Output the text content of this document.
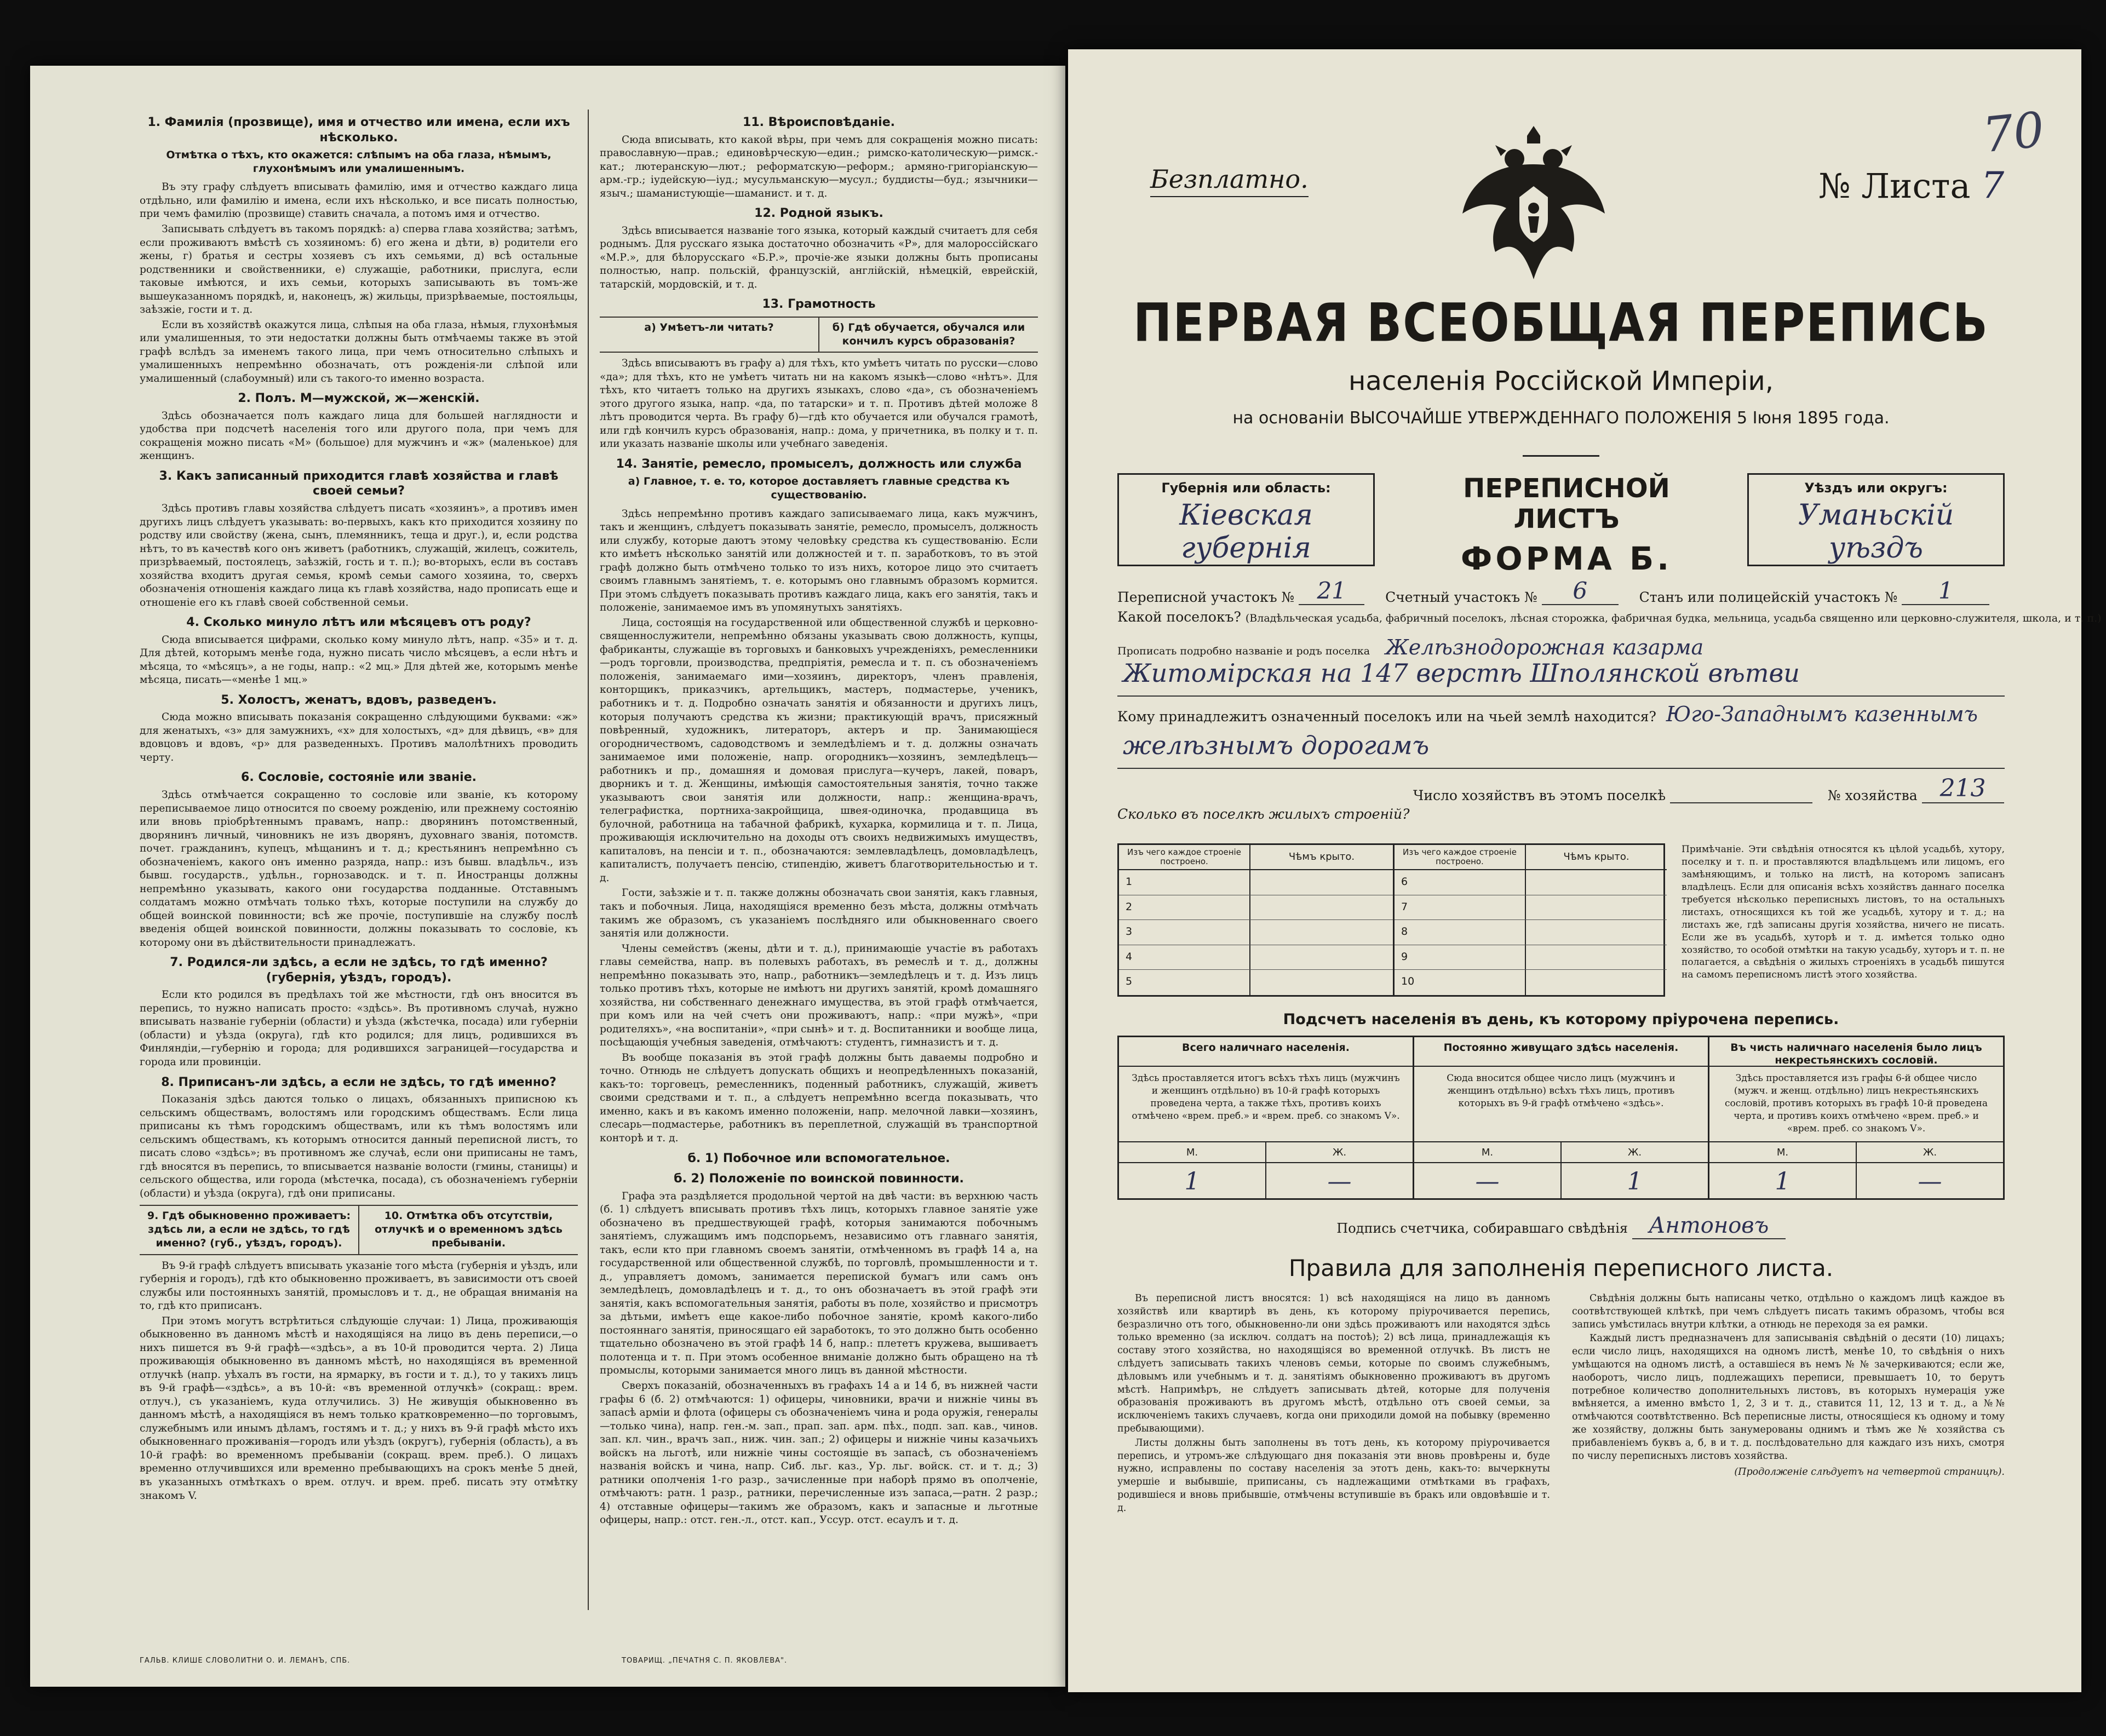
1. Фамилія (прозвище), имя и отчество или имена, если ихъ нѣсколько.
Отмѣтка о тѣхъ, кто окажется: слѣпымъ на оба глаза, нѣмымъ, глухонѣмымъ или умалишеннымъ.
Въ эту графу слѣдуетъ вписывать фамилію, имя и отчество каждаго лица отдѣльно, или фамилію и имена, если ихъ нѣсколько, и все писать полностью, при чемъ фамилію (прозвище) ставить сначала, а потомъ имя и отчество.
Записывать слѣдуетъ въ такомъ порядкѣ: а) сперва глава хозяйства; затѣмъ, если проживаютъ вмѣстѣ съ хозяиномъ: б) его жена и дѣти, в) родители его жены, г) братья и сестры хозяевъ съ ихъ семьями, д) всѣ остальные родственники и свойственники, е) служащіе, работники, прислуга, если таковые имѣются, и ихъ семьи, которыхъ записывають въ томъ-же вышеуказанномъ порядкѣ, и, наконецъ, ж) жильцы, призрѣваемые, постояльцы, заѣзжіе, гости и т. д.
Если въ хозяйствѣ окажутся лица, слѣпыя на оба глаза, нѣмыя, глухонѣмыя или умалишенныя, то эти недостатки должны быть отмѣчаемы также въ этой графѣ вслѣдъ за именемъ такого лица, при чемъ относительно слѣпыхъ и умалишенныхъ непремѣнно обозначать, отъ рожденія-ли слѣпой или умалишенный (слабоумный) или съ такого-то именно возраста.
2. Полъ. М—мужской, ж—женскій.
Здѣсь обозначается полъ каждаго лица для большей наглядности и удобства при подсчетѣ населенія того или другого пола, при чемъ для сокращенія можно писать «М» (большое) для мужчинъ и «ж» (маленькое) для женщинъ.
3. Какъ записанный приходится главѣ хозяйства и главѣ своей семьи?
Здѣсь противъ главы хозяйства слѣдуетъ писать «хозяинъ», а противъ имен другихъ лицъ слѣдуетъ указывать: во-первыхъ, какъ кто приходится хозяину по родству или свойству (жена, сынъ, племянникъ, теща и друг.), и, если родства нѣтъ, то въ качествѣ кого онъ живетъ (работникъ, служащій, жилецъ, сожитель, призрѣваемый, постоялецъ, заѣзжій, гость и т. п.); во-вторыхъ, если въ составъ хозяйства входитъ другая семья, кромѣ семьи самого хозяина, то, сверхъ обозначенія отношенія каждаго лица къ главѣ хозяйства, надо прописать еще и отношеніе его къ главѣ своей собственной семьи.
4. Сколько минуло лѣтъ или мѣсяцевъ отъ роду?
Сюда вписывается цифрами, сколько кому минуло лѣтъ, напр. «35» и т. д. Для дѣтей, которымъ менѣе года, нужно писать число мѣсяцевъ, а если нѣтъ и мѣсяца, то «мѣсяцъ», а не годы, напр.: «2 мц.» Для дѣтей же, которымъ менѣе мѣсяца, писать—«менѣе 1 мц.»
5. Холостъ, женатъ, вдовъ, разведенъ.
Сюда можно вписывать показанія сокращенно слѣдующими буквами: «ж» для женатыхъ, «з» для замужнихъ, «х» для холостыхъ, «д» для дѣвицъ, «в» для вдовцовъ и вдовъ, «р» для разведенныхъ. Противъ малолѣтнихъ проводить черту.
6. Сословіе, состояніе или званіе.
Здѣсь отмѣчается сокращенно то сословіе или званіе, къ которому переписываемое лицо относится по своему рожденію, или прежнему состоянію или вновь пріобрѣтеннымъ правамъ, напр.: дворянинъ потомственный, дворянинъ личный, чиновникъ не изъ дворянъ, духовнаго званія, потомств. почет. гражданинъ, купецъ, мѣщанинъ и т. д.; крестьянинъ непремѣнно съ обозначеніемъ, какого онъ именно разряда, напр.: изъ бывш. владѣльч., изъ бывш. государств., удѣльн., горнозаводск. и т. п. Иностранцы должны непремѣнно указывать, какого они государства подданные. Отставнымъ солдатамъ можно отмѣчать только тѣхъ, которые поступили на службу до общей воинской повинности; всѣ же прочіе, поступившіе на службу послѣ введенія общей воинской повинности, должны показывать то сословіе, къ которому они въ дѣйствительности принадлежатъ.
7. Родился-ли здѣсь, а если не здѣсь, то гдѣ именно? (губернія, уѣздъ, городъ).
Если кто родился въ предѣлахъ той же мѣстности, гдѣ онъ вносится въ перепись, то нужно написать просто: «здѣсь». Въ противномъ случаѣ, нужно вписывать названіе губерніи (области) и уѣзда (жѣстечка, посада) или губерніи (области) и уѣзда (округа), гдѣ кто родился; для лицъ, родившихся въ Финляндіи,—губернію и города; для родившихся заграницей—государства и города или провинціи.
8. Приписанъ-ли здѣсь, а если не здѣсь, то гдѣ именно?
Показанія здѣсь даются только о лицахъ, обязанныхъ приписною къ сельскимъ обществамъ, волостямъ или городскимъ обществамъ. Если лица приписаны къ тѣмъ городскимъ обществамъ, или къ тѣмъ волостямъ или сельскимъ обществамъ, къ которымъ относится данный переписной листъ, то писать слово «здѣсь»; въ противномъ же случаѣ, если они приписаны не тамъ, гдѣ вносятся въ перепись, то вписывается названіе волости (гмины, станицы) и сельского общества, или города (мѣстечка, посада), съ обозначеніемъ губерніи (области) и уѣзда (округа), гдѣ они приписаны.
9. Гдѣ обыкновенно проживаетъ: здѣсь ли, а если не здѣсь, то гдѣ именно? (губ., уѣздъ, городъ).
10. Отмѣтка объ отсутствіи, отлучкѣ и о временномъ здѣсь пребываніи.
Въ 9-й графѣ слѣдуетъ вписывать указаніе того мѣста (губернія и уѣздъ, или губернія и городъ), гдѣ кто обыкновенно проживаетъ, въ зависимости отъ своей службы или постоянныхъ занятій, промысловъ и т. д., не обращая вниманія на то, гдѣ кто приписанъ.
При этомъ могутъ встрѣтиться слѣдующіе случаи: 1) Лица, проживающія обыкновенно въ данномъ мѣстѣ и находящіяся на лицо въ день переписи,—о нихъ пишется въ 9-й графѣ—«здѣсь», а въ 10-й проводится черта. 2) Лица проживающія обыкновенно въ данномъ мѣстѣ, но находящіяся въ временной отлучкѣ (напр. уѣхалъ въ гости, на ярмарку, въ гости и т. д.), то у такихъ лицъ въ 9-й графѣ—«здѣсь», а въ 10-й: «въ временной отлучкѣ» (сокращ.: врем. отлуч.), съ указаніемъ, куда отлучились. 3) Не живущія обыкновенно въ данномъ мѣстѣ, а находящіяся въ немъ только кратковременно—по торговымъ, служебнымъ или инымъ дѣламъ, гостямъ и т. д.; у нихъ въ 9-й графѣ мѣсто ихъ обыкновеннаго проживанія—городъ или уѣздъ (округъ), губернія (область), а въ 10-й графѣ: во временномъ пребываніи (сокращ. врем. преб.). О лицахъ временно отлучившихся или временно пребывающихъ на срокъ менѣе 5 дней, въ указанныхъ отмѣткахъ о врем. отлуч. и врем. преб. писать эту отмѣтку знакомъ V.
11. Вѣроисповѣданіе.
Сюда вписывать, кто какой вѣры, при чемъ для сокращенія можно писать: православную—прав.; единовѣрческую—един.; римско-католическую—римск.-кат.; лютеранскую—лют.; реформатскую—реформ.; армяно-григоріанскую—арм.-гр.; іудейскую—іуд.; мусульманскую—мусул.; буддисты—буд.; язычники—языч.; шаманистующіе—шаманист. и т. д.
12. Родной языкъ.
Здѣсь вписывается названіе того языка, который каждый считаетъ для себя роднымъ. Для русскаго языка достаточно обозначить «Р», для малороссійскаго «М.Р.», для бѣлорусскаго «Б.Р.», прочіе-же языки должны быть прописаны полностью, напр. польскій, французскій, англійскій, нѣмецкій, еврейскій, татарскій, мордовскій, и т. д.
13. Грамотность
а) Умѣетъ-ли читать?	б) Гдѣ обучается, обучался или кончилъ курсъ образованія?
Здѣсь вписываютъ въ графу а) для тѣхъ, кто умѣетъ читать по русски—слово «да»; для тѣхъ, кто не умѣетъ читать ни на какомъ языкѣ—слово «нѣтъ». Для тѣхъ, кто читаетъ только на другихъ языкахъ, слово «да», съ обозначеніемъ этого другого языка, напр. «да, по татарски» и т. п. Противъ дѣтей моложе 8 лѣтъ проводится черта. Въ графу б)—гдѣ кто обучается или обучался грамотѣ, или гдѣ кончилъ курсъ образованія, напр.: дома, у причетника, въ полку и т. п. или указать названіе школы или учебнаго заведенія.
14. Занятіе, ремесло, промыселъ, должность или служба
а) Главное, т. е. то, которое доставляетъ главные средства къ существованію.
Здѣсь непремѣнно противъ каждаго записываемаго лица, какъ мужчинъ, такъ и женщинъ, слѣдуетъ показывать занятіе, ремесло, промыселъ, должность или службу, которые даютъ этому человѣку средства къ существованію. Если кто имѣетъ нѣсколько занятій или должностей и т. п. заработковъ, то въ этой графѣ должно быть отмѣчено только то изъ нихъ, которое лицо это считаетъ своимъ главнымъ занятіемъ, т. е. которымъ оно главнымъ образомъ кормится. При этомъ слѣдуетъ показывать противъ каждаго лица, какъ его занятія, такъ и положеніе, занимаемое имъ въ упомянутыхъ занятіяхъ.
Лица, состоящія на государственной или общественной службѣ и церковно-священнослужители, непремѣнно обязаны указывать свою должность, купцы, фабриканты, служащіе въ торговыхъ и банковыхъ учрежденіяхъ, ремесленники—родъ торговли, производства, предпріятія, ремесла и т. п. съ обозначеніемъ положенія, занимаемаго ими—хозяинъ, директоръ, членъ правленія, конторщикъ, приказчикъ, артельщикъ, мастеръ, подмастерье, ученикъ, работникъ и т. д. Подробно означать занятія и обязанности и другихъ лицъ, которыя получаютъ средства къ жизни; практикующій врачъ, присяжный повѣренный, художникъ, литераторъ, актеръ и пр. Занимающіеся огородничествомъ, садоводствомъ и земледѣліемъ и т. д. должны означать занимаемое ими положеніе, напр. огородникъ—хозяинъ, земледѣлецъ—работникъ и пр., домашняя и домовая прислуга—кучеръ, лакей, поваръ, дворникъ и т. д. Женщины, имѣющія самостоятельныя занятія, точно также указываютъ свои занятія или должности, напр.: женщина-врачъ, телеграфистка, портниха-закройщица, швея-одиночка, продавщица въ булочной, работница на табачной фабрикѣ, кухарка, кормилица и т. п. Лица, проживающія исключительно на доходы отъ своихъ недвижимыхъ имуществъ, капиталовъ, на пенсіи и т. п., обозначаются: землевладѣлецъ, домовладѣлецъ, капиталистъ, получаетъ пенсію, стипендію, живетъ благотворительностью и т. д.
Гости, заѣзжіе и т. п. также должны обозначать свои занятія, какъ главныя, такъ и побочныя. Лица, находящіяся временно безъ мѣста, должны отмѣчать такимъ же образомъ, съ указаніемъ послѣдняго или обыкновеннаго своего занятія или должности.
Члены семействъ (жены, дѣти и т. д.), принимающіе участіе въ работахъ главы семейства, напр. въ полевыхъ работахъ, въ ремеслѣ и т. д., должны непремѣнно показывать это, напр., работникъ—земледѣлецъ и т. д. Изъ лицъ только противъ тѣхъ, которые не имѣютъ ни другихъ занятій, кромѣ домашняго хозяйства, ни собственнаго денежнаго имущества, въ этой графѣ отмѣчается, при комъ или на чей счетъ они проживаютъ, напр.: «при мужѣ», «при родителяхъ», «на воспитаніи», «при сынѣ» и т. д. Воспитанники и вообще лица, посѣщающія учебныя заведенія, отмѣчаютъ: студентъ, гимназистъ и т. д.
Въ вообще показанія въ этой графѣ должны быть даваемы подробно и точно. Отнюдь не слѣдуетъ допускать общихъ и неопредѣленныхъ показаній, какъ-то: торговецъ, ремесленникъ, поденный работникъ, служащій, живетъ своими средствами и т. п., а слѣдуетъ непремѣнно всегда показывать, что именно, какъ и въ какомъ именно положеніи, напр. мелочной лавки—хозяинъ, слесарь—подмастерье, работникъ въ переплетной, служащій въ транспортной конторѣ и т. д.
б. 1) Побочное или вспомогательное.
б. 2) Положеніе по воинской повинности.
Графа эта раздѣляется продольной чертой на двѣ части: въ верхнюю часть (б. 1) слѣдуетъ вписывать противъ тѣхъ лицъ, которыхъ главное занятіе уже обозначено въ предшествующей графѣ, которыя занимаются побочнымъ занятіемъ, служащимъ имъ подспорьемъ, независимо отъ главнаго занятія, такъ, если кто при главномъ своемъ занятіи, отмѣченномъ въ графѣ 14 а, на государственной или общественной службѣ, по торговлѣ, промышленности и т. д., управляетъ домомъ, занимается перепиской бумагъ или самъ онъ земледѣлецъ, домовладѣлецъ и т. д., то онъ обозначаетъ въ этой графѣ эти занятія, какъ вспомогательныя занятія, работы въ поле, хозяйство и присмотръ за дѣтьми, имѣетъ еще какое-либо побочное занятіе, кромѣ какого-либо постояннаго занятія, приносящаго ей заработокъ, то это должно быть особенно тщательно обозначено въ этой графѣ 14 б, напр.: плететъ кружева, вышиваетъ полотенца и т. п. При этомъ особенное вниманіе должно быть обращено на тѣ промыслы, которыми занимается много лицъ въ данной мѣстности.
Сверхъ показаній, обозначенныхъ въ графахъ 14 а и 14 б, въ нижней части графы 6 (б. 2) отмѣчаются: 1) офицеры, чиновники, врачи и нижніе чины въ запасѣ арміи и флота (офицеры съ обозначеніемъ чина и рода оружія, генералы—только чина), напр. ген.-м. зап., прап. зап. арм. пѣх., подп. зап. кав., чинов. зап. кл. чин., врачъ зап., ниж. чин. зап.; 2) офицеры и нижніе чины казачьихъ войскъ на льготѣ, или нижніе чины состоящіе въ запасѣ, съ обозначеніемъ названія войскъ и чина, напр. Сиб. льг. каз., Ур. льг. войск. ст. и т. д.; 3) ратники ополченія 1-го разр., зачисленные при наборѣ прямо въ ополченіе, отмѣчаютъ: ратн. 1 разр., ратники, перечисленные изъ запаса,—ратн. 2 разр.; 4) отставные офицеры—такимъ же образомъ, какъ и запасные и льготные офицеры, напр.: отст. ген.-л., отст. кап., Уссур. отст. есаулъ и т. д.
ГАЛЬВ. КЛИШЕ СЛОВОЛИТНИ О. И. ЛЕМАНЪ, СПБ.	ТОВАРИЩ. „ПЕЧАТНЯ С. П. ЯКОВЛЕВА".
Безплатно.	№ Листа 7
70
ПЕРВАЯ ВСЕОБЩАЯ ПЕРЕПИСЬ
населенія Россійской Имперіи,
на основаніи ВЫСОЧАЙШЕ УТВЕРЖДЕННАГО ПОЛОЖЕНІЯ 5 Іюня 1895 года.
Губернія или область:
Кiевская губернiя
ПЕРЕПИСНОЙ ЛИСТЪ
ФОРМА Б.
Уѣздъ или округъ:
Уманьскiй уѣздъ
Переписной участокъ № 21	Счетный участокъ № 6	Станъ или полицейскій участокъ № 1
Какой поселокъ? (Владѣльческая усадьба, фабричный поселокъ, лѣсная сторожка, фабричная будка, мельница, усадьба священно или церковно-служителя, школа, и т. п.)
Прописать подробно названіе и родъ поселка Желѣзнодорожная казарма
Житомiрская на 147 верстѣ Шполянской вѣтви
Кому принадлежитъ означенный поселокъ или на чьей землѣ находится? Юго-Западнымъ казеннымъ
желѣзнымъ дорогамъ
Число хозяйствъ въ этомъ поселкѣ	№ хозяйства 213
Сколько въ поселкѣ жилыхъ строеній?
Изъ чего каждое строеніе построено.	Чѣмъ крыто.
1
2
3
4
5
Изъ чего каждое строеніе построено.	Чѣмъ крыто.
6
7
8
9
10
Примѣчаніе. Эти свѣдѣнія относятся къ цѣлой усадьбѣ, хутору, поселку и т. п. и проставляются владѣльцемъ или лицомъ, его замѣняющимъ, и только на листѣ, на которомъ записанъ владѣлецъ. Если для описанія всѣхъ хозяйствъ даннаго поселка требуется нѣсколько переписныхъ листовъ, то на остальныхъ листахъ, относящихся къ той же усадьбѣ, хутору и т. д.; на листахъ же, гдѣ записаны другія хозяйства, ничего не писать. Если же въ усадьбѣ, хуторѣ и т. д. имѣется только одно хозяйство, то особой отмѣтки на такую усадьбу, хуторъ и т. п. не полагается, а свѣдѣнія о жилыхъ строеніяхъ в усадьбѣ пишутся на самомъ переписномъ листѣ этого хозяйства.
Подсчетъ населенія въ день, къ которому пріурочена перепись.
Всего наличнаго населенія.
Здѣсь проставляется итогъ всѣхъ тѣхъ лицъ (мужчинъ и женщинъ отдѣльно) въ 10-й графѣ которыхъ проведена черта, а также тѣхъ, противъ коихъ отмѣчено «врем. преб.» и «врем. преб. со знакомъ V».
М.	Ж.
1	—
Постоянно живущаго здѣсь населенія.
Сюда вносится общее число лицъ (мужчинъ и женщинъ отдѣльно) всѣхъ тѣхъ лицъ, противъ которыхъ въ 9-й графѣ отмѣчено «здѣсь».
М.	Ж.
—	1
Въ чисть наличнаго населенія было лицъ некрестьянскихъ сословій.
Здѣсь проставляется изъ графы 6-й общее число (мужч. и женщ. отдѣльно) лицъ некрестьянскихъ сословій, противъ которыхъ въ графѣ 10-й проведена черта, и противъ коихъ отмѣчено «врем. преб.» и «врем. преб. со знакомъ V».
М.	Ж.
1	—
Подпись счетчика, собиравшаго свѣдѣнія Антоновъ
Правила для заполненія переписного листа.

Въ переписной листъ вносятся: 1) всѣ находящіяся на лицо въ данномъ хозяйствѣ или квартирѣ въ день, къ которому пріурочивается перепись, безразлично отъ того, обыкновенно-ли они здѣсь проживаютъ или находятся здѣсь только временно (за исключ. солдатъ на постоѣ); 2) всѣ лица, принадлежащія къ составу этого хозяйства, но находящіяся во временной отлучкѣ. Въ листъ не слѣдуетъ записывать такихъ членовъ семьи, которые по своимъ служебнымъ, дѣловымъ или учебнымъ и т. д. занятіямъ обыкновенно проживаютъ въ другомъ мѣстѣ. Напримѣръ, не слѣдуетъ записывать дѣтей, которые для полученія образованія проживаютъ въ другомъ мѣстѣ, отдѣльно отъ своей семьи, за исключеніемъ такихъ случаевъ, когда они приходили домой на побывку (временно пребывающими).

Листы должны быть заполнены въ тотъ день, къ которому пріурочивается перепись, и утромъ-же слѣдующаго дня показанія эти вновь провѣрены и, буде нужно, исправлены по составу населенія за этотъ день, какъ-то: вычеркнуты умершіе и выбывшіе, приписаны, съ надлежащими отмѣтками въ графахъ, родившіеся и вновь прибывшіе, отмѣчены вступившіе въ бракъ или овдовѣвшіе и т. д.

Свѣдѣнія должны быть написаны четко, отдѣльно о каждомъ лицѣ каждое въ соотвѣтствующей клѣткѣ, при чемъ слѣдуетъ писать такимъ образомъ, чтобы вся запись умѣстилась внутри клѣтки, а отнюдь не переходя за ея рамки.

Каждый листъ предназначенъ для записыванія свѣдѣній о десяти (10) лицахъ; если число лицъ, находящихся на одномъ листѣ, менѣе 10, то свѣдѣнія о нихъ умѣщаются на одномъ листѣ, а оставшіеся въ немъ № № зачеркиваются; если же, наоборотъ, число лицъ, подлежащихъ переписи, превышаетъ 10, то берутъ потребное количество дополнительныхъ листовъ, въ которыхъ нумерація уже вмѣняется, а именно вмѣсто 1, 2, 3 и т. д., ставится 11, 12, 13 и т. д., а №№ отмѣчаются соотвѣтственно. Всѣ переписные листы, относящіеся къ одному и тому же хозяйству, должны быть занумерованы однимъ и тѣмъ же № хозяйства съ прибавленіемъ буквъ а, б, в и т. д. послѣдовательно для каждаго изъ нихъ, смотря по числу переписныхъ листовъ хозяйства.

(Продолженіе слѣдуетъ на четвертой страницѣ).
